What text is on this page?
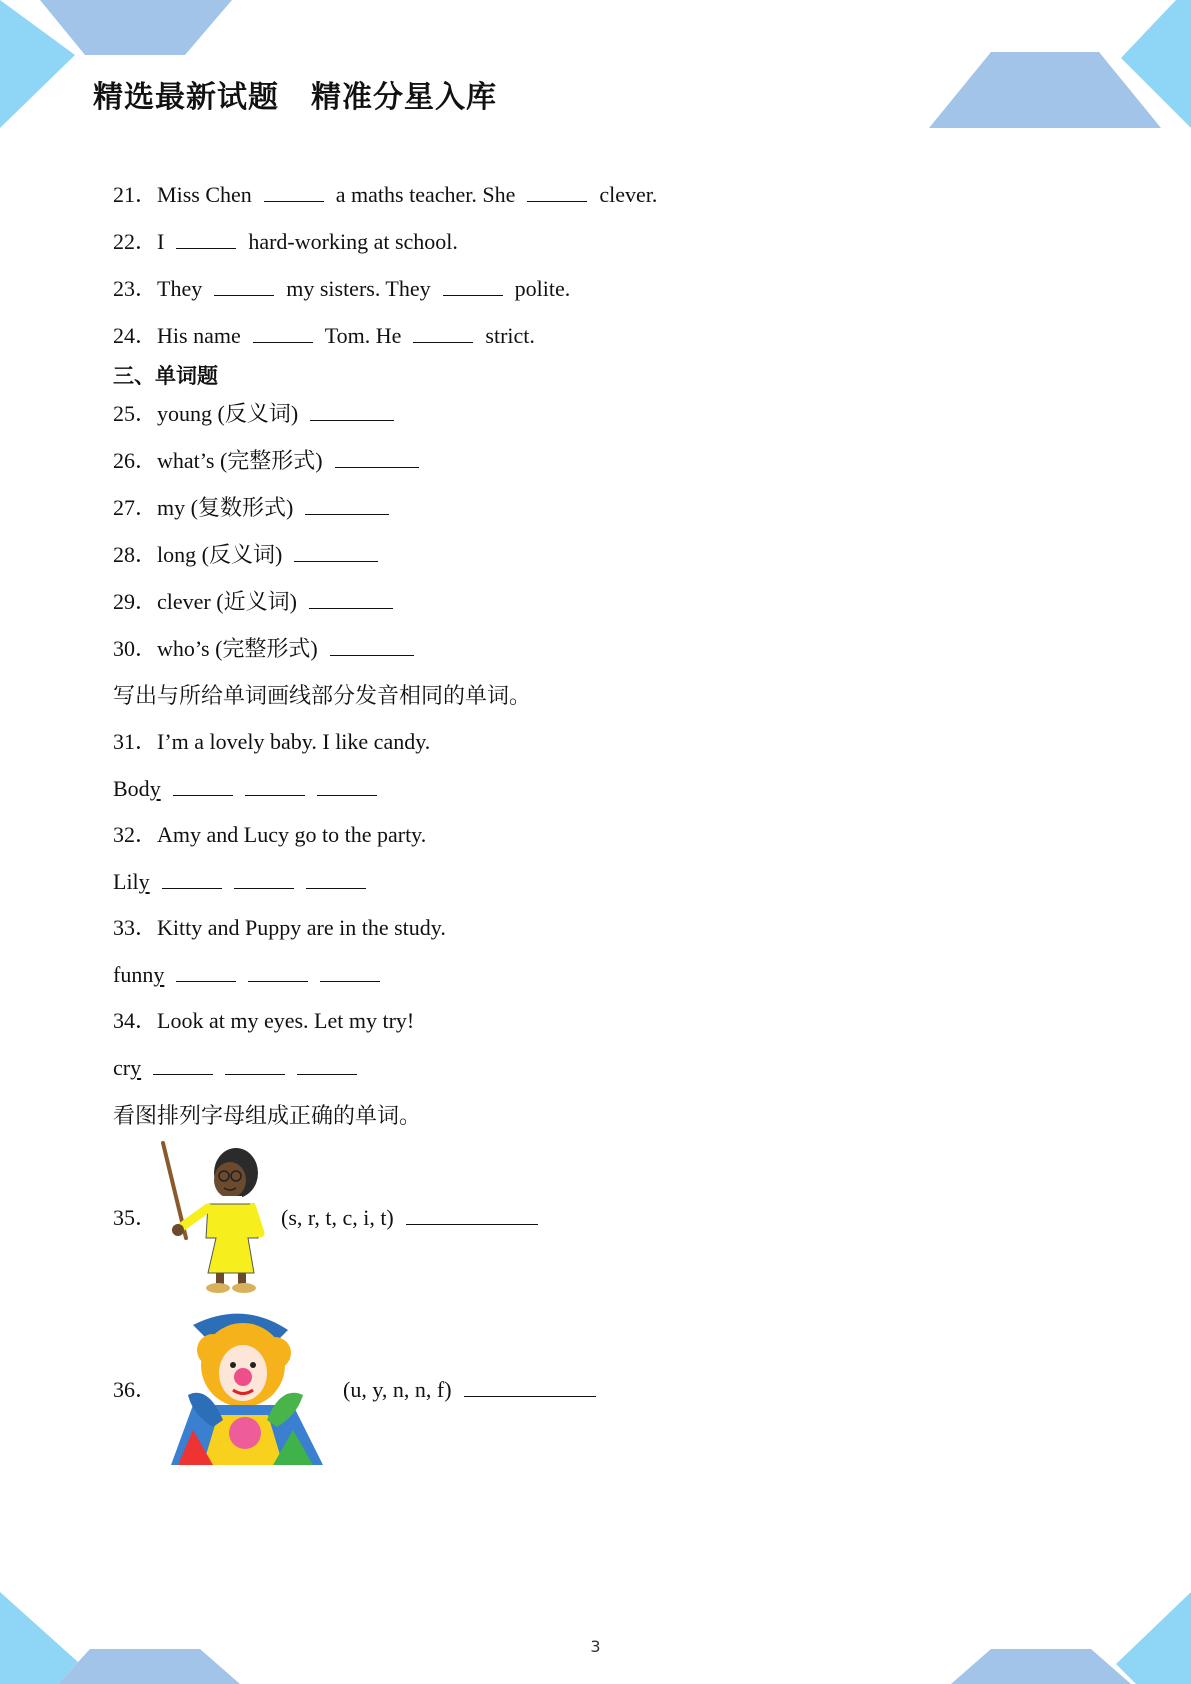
精选最新试题 精准分星入库
21．Miss Chen	a maths teacher. She	clever.
22．I	hard-working at school.
23．They	my sisters. They	polite.
24．His name	Tom. He	strict.
三、单词题
25．young (反义词)
26．what’s (完整形式)
27．my (复数形式)
28．long (反义词)
29．clever (近义词)
30．who’s (完整形式)
写出与所给单词画线部分发音相同的单词。
31．I’m a lovely baby. I like candy.
Body
32．Amy and Lucy go to the party.
Lily
33．Kitty and Puppy are in the study.
funny
34．Look at my eyes. Let my try!
cry
看图排列字母组成正确的单词。
35．	(s, r, t, c, i, t)
36．	(u, y, n, n, f)
3
